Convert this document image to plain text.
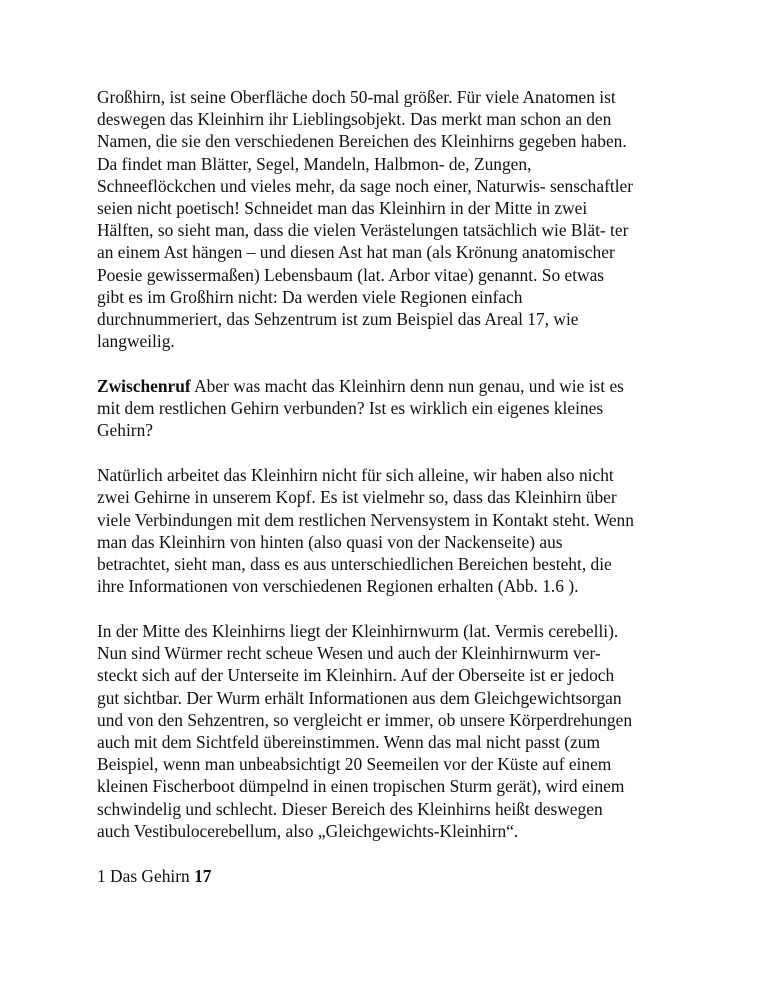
Großhirn, ist seine Oberfläche doch 50-mal größer. Für viele Anatomen ist
deswegen das Kleinhirn ihr Lieblingsobjekt. Das merkt man schon an den
Namen, die sie den verschiedenen Bereichen des Kleinhirns gegeben haben.
Da findet man Blätter, Segel, Mandeln, Halbmon- de, Zungen,
Schneeflöckchen und vieles mehr, da sage noch einer, Naturwis- senschaftler
seien nicht poetisch! Schneidet man das Kleinhirn in der Mitte in zwei
Hälften, so sieht man, dass die vielen Verästelungen tatsächlich wie Blät- ter
an einem Ast hängen – und diesen Ast hat man (als Krönung anatomischer
Poesie gewissermaßen) Lebensbaum (lat. Arbor vitae) genannt. So etwas
gibt es im Großhirn nicht: Da werden viele Regionen einfach
durchnummeriert, das Sehzentrum ist zum Beispiel das Areal 17, wie
langweilig.
Zwischenruf Aber was macht das Kleinhirn denn nun genau, und wie ist es
mit dem restlichen Gehirn verbunden? Ist es wirklich ein eigenes kleines
Gehirn?
Natürlich arbeitet das Kleinhirn nicht für sich alleine, wir haben also nicht
zwei Gehirne in unserem Kopf. Es ist vielmehr so, dass das Kleinhirn über
viele Verbindungen mit dem restlichen Nervensystem in Kontakt steht. Wenn
man das Kleinhirn von hinten (also quasi von der Nackenseite) aus
betrachtet, sieht man, dass es aus unterschiedlichen Bereichen besteht, die
ihre Informationen von verschiedenen Regionen erhalten (Abb. 1.6 ).
In der Mitte des Kleinhirns liegt der Kleinhirnwurm (lat. Vermis cerebelli).
Nun sind Würmer recht scheue Wesen und auch der Kleinhirnwurm ver-
steckt sich auf der Unterseite im Kleinhirn. Auf der Oberseite ist er jedoch
gut sichtbar. Der Wurm erhält Informationen aus dem Gleichgewichtsorgan
und von den Sehzentren, so vergleicht er immer, ob unsere Körperdrehungen
auch mit dem Sichtfeld übereinstimmen. Wenn das mal nicht passt (zum
Beispiel, wenn man unbeabsichtigt 20 Seemeilen vor der Küste auf einem
kleinen Fischerboot dümpelnd in einen tropischen Sturm gerät), wird einem
schwindelig und schlecht. Dieser Bereich des Kleinhirns heißt deswegen
auch Vestibulocerebellum, also „Gleichgewichts-Kleinhirn“.
1 Das Gehirn 17
